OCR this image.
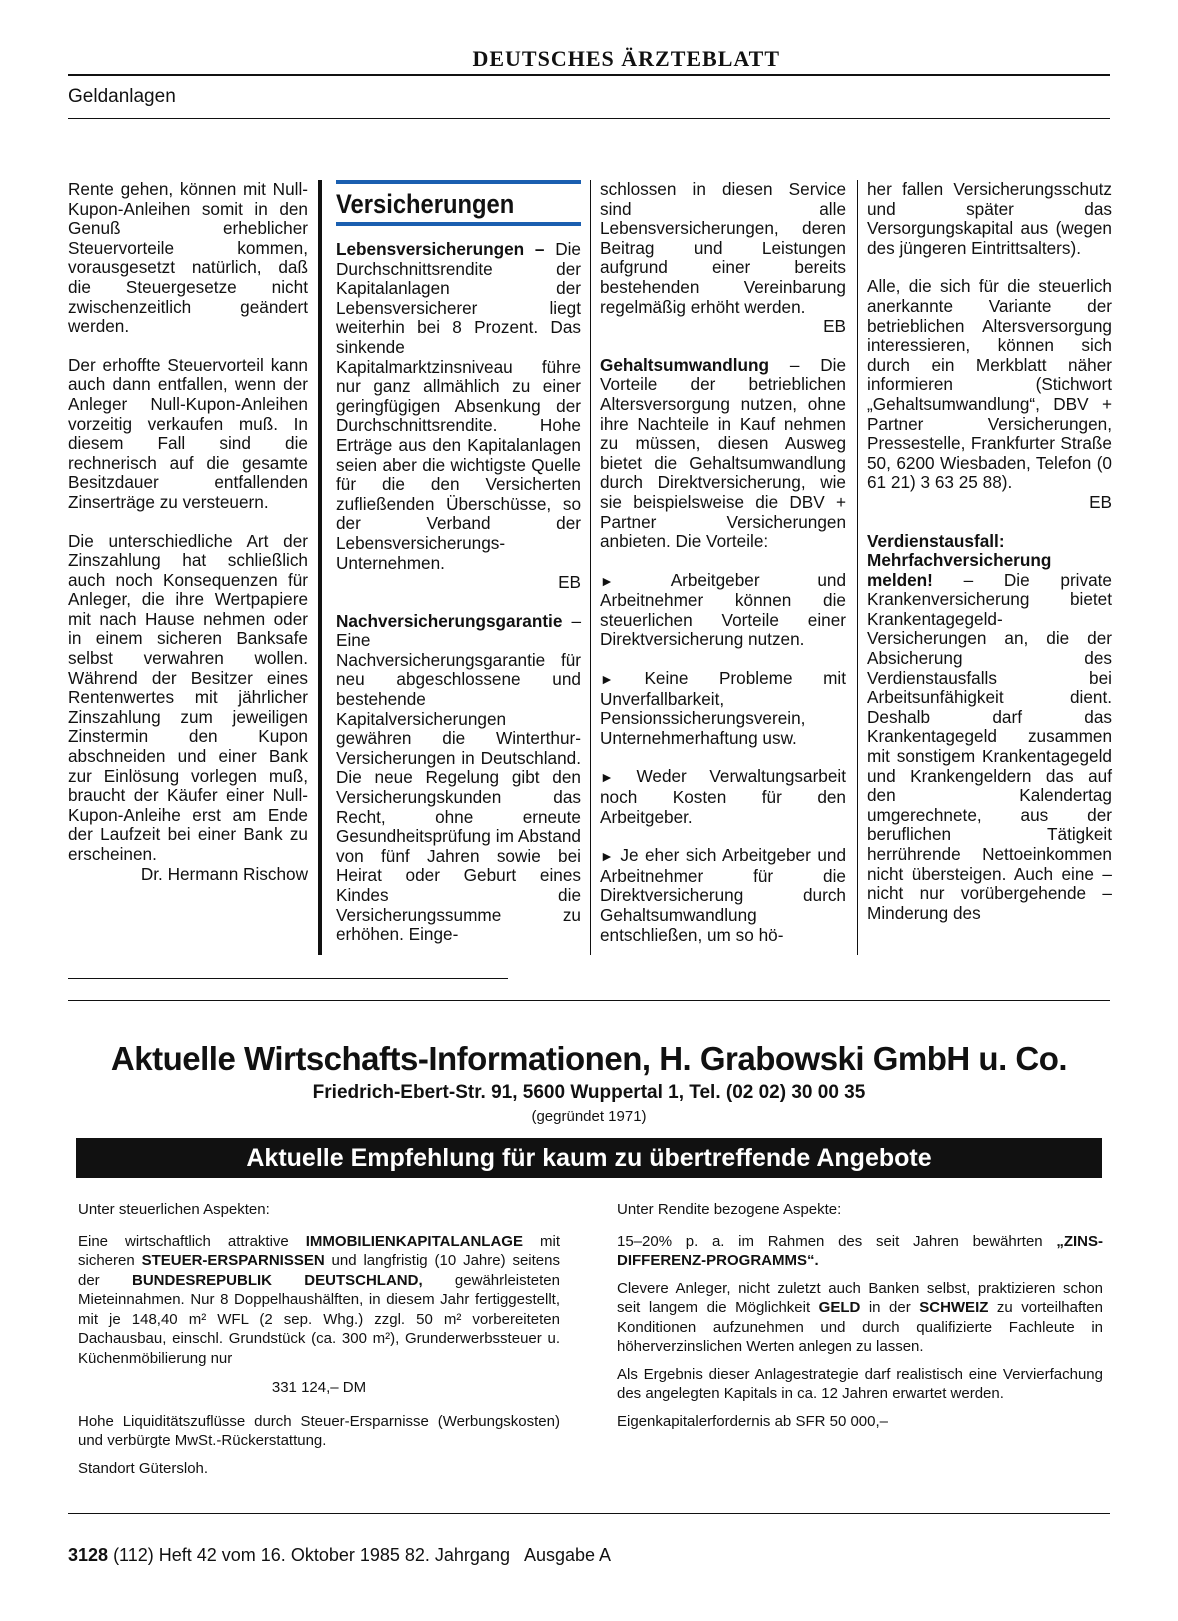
DEUTSCHES ÄRZTEBLATT
Geldanlagen

Rente gehen, können mit Null-Kupon-Anleihen somit in den Genuß erheblicher Steuervorteile kommen, vorausgesetzt natürlich, daß die Steuergesetze nicht zwischenzeitlich geändert werden.

Der erhoffte Steuervorteil kann auch dann entfallen, wenn der Anleger Null-Kupon-Anleihen vorzeitig verkaufen muß. In diesem Fall sind die rechnerisch auf die gesamte Besitzdauer entfallenden Zinserträge zu versteuern.

Die unterschiedliche Art der Zinszahlung hat schließlich auch noch Konsequenzen für Anleger, die ihre Wertpapiere mit nach Hause nehmen oder in einem sicheren Banksafe selbst verwahren wollen. Während der Besitzer eines Rentenwertes mit jährlicher Zinszahlung zum jeweiligen Zinstermin den Kupon abschneiden und einer Bank zur Einlösung vorlegen muß, braucht der Käufer einer Null-Kupon-Anleihe erst am Ende der Laufzeit bei einer Bank zu erscheinen.
Dr. Hermann Rischow

Versicherungen

Lebensversicherungen – Die Durchschnittsrendite der Kapitalanlagen der Lebensversicherer liegt weiterhin bei 8 Prozent. Das sinkende Kapitalmarktzinsniveau führe nur ganz allmählich zu einer geringfügigen Absenkung der Durchschnittsrendite. Hohe Erträge aus den Kapitalanlagen seien aber die wichtigste Quelle für die den Versicherten zufließenden Überschüsse, so der Verband der Lebensversicherungs-Unternehmen.
EB

Nachversicherungsgarantie – Eine Nachversicherungsgarantie für neu abgeschlossene und bestehende Kapitalversicherungen gewähren die Winterthur-Versicherungen in Deutschland. Die neue Regelung gibt den Versicherungskunden das Recht, ohne erneute Gesundheitsprüfung im Abstand von fünf Jahren sowie bei Heirat oder Geburt eines Kindes die Versicherungssumme zu erhöhen. Einge-

schlossen in diesen Service sind alle Lebensversicherungen, deren Beitrag und Leistungen aufgrund einer bereits bestehenden Vereinbarung regelmäßig erhöht werden.
EB

Gehaltsumwandlung – Die Vorteile der betrieblichen Altersversorgung nutzen, ohne ihre Nachteile in Kauf nehmen zu müssen, diesen Ausweg bietet die Gehaltsumwandlung durch Direktversicherung, wie sie beispielsweise die DBV + Partner Versicherungen anbieten. Die Vorteile:

►	Arbeitgeber und Arbeitnehmer können die steuerlichen Vorteile einer Direktversicherung nutzen.

► Keine Probleme mit Unverfallbarkeit, Pensionssicherungsverein, Unternehmerhaftung usw.

► Weder Verwaltungsarbeit noch Kosten für den Arbeitgeber.

► Je eher sich Arbeitgeber und Arbeitnehmer für die Direktversicherung durch Gehaltsumwandlung entschließen, um so hö-

her fallen Versicherungsschutz und später das Versorgungskapital aus (wegen des jüngeren Eintrittsalters).

Alle, die sich für die steuerlich anerkannte Variante der betrieblichen Altersversorgung interessieren, können sich durch ein Merkblatt näher informieren (Stichwort „Gehaltsumwandlung“, DBV + Partner Versicherungen, Pressestelle, Frankfurter Straße 50, 6200 Wiesbaden, Telefon (0 61 21) 3 63 25 88).
EB

Verdienstausfall: Mehrfachversicherung melden! – Die private Krankenversicherung bietet Krankentagegeld-Versicherungen an, die der Absicherung des Verdienstausfalls bei Arbeitsunfähigkeit dient. Deshalb darf das Krankentagegeld zusammen mit sonstigem Krankentagegeld und Krankengeldern das auf den Kalendertag umgerechnete, aus der beruflichen Tätigkeit herrührende Nettoeinkommen nicht übersteigen. Auch eine – nicht nur vorübergehende – Minderung des

Aktuelle Wirtschafts-Informationen, H. Grabowski GmbH u. Co.
Friedrich-Ebert-Str. 91, 5600 Wuppertal 1, Tel. (02 02) 30 00 35
(gegründet 1971)
Aktuelle Empfehlung für kaum zu übertreffende Angebote

Unter steuerlichen Aspekten:

Eine wirtschaftlich attraktive IMMOBILIENKAPITALANLAGE mit sicheren STEUER-ERSPARNISSEN und langfristig (10 Jahre) seitens der BUNDESREPUBLIK DEUTSCHLAND, gewährleisteten Mieteinnahmen. Nur 8 Doppelhaushälften, in diesem Jahr fertiggestellt, mit je 148,40 m² WFL (2 sep. Whg.) zzgl. 50 m² vorbereiteten Dachausbau, einschl. Grundstück (ca. 300 m²), Grunderwerbssteuer u. Küchenmöbilierung nur

331 124,– DM

Hohe Liquiditätszuflüsse durch Steuer-Ersparnisse (Werbungskosten) und verbürgte MwSt.-Rückerstattung.

Standort Gütersloh.

Unter Rendite bezogene Aspekte:

15–20% p. a. im Rahmen des seit Jahren bewährten „ZINS-DIFFERENZ-PROGRAMMS“.

Clevere Anleger, nicht zuletzt auch Banken selbst, praktizieren schon seit langem die Möglichkeit GELD in der SCHWEIZ zu vorteilhaften Konditionen aufzunehmen und durch qualifizierte Fachleute in höherverzinslichen Werten anlegen zu lassen.

Als Ergebnis dieser Anlagestrategie darf realistisch eine Vervierfachung des angelegten Kapitals in ca. 12 Jahren erwartet werden.

Eigenkapitalerfordernis ab SFR 50 000,–

3128 (112) Heft 42 vom 16. Oktober 1985 82. Jahrgang   Ausgabe A
